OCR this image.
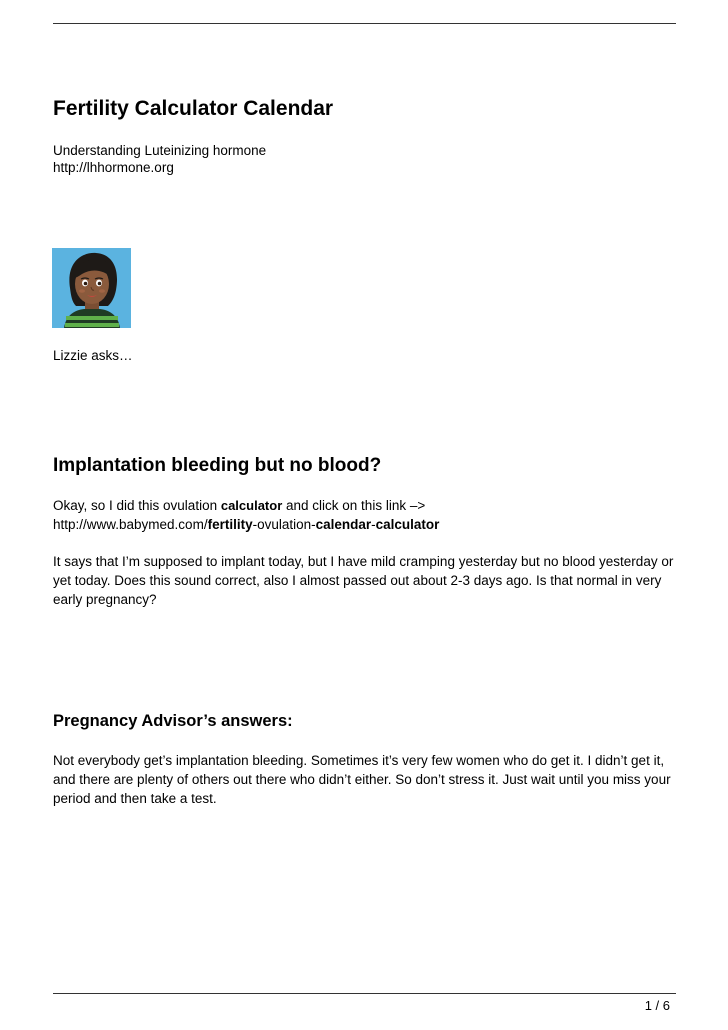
Fertility Calculator Calendar
Understanding Luteinizing hormone
http://lhhormone.org
Lizzie asks…
Implantation bleeding but no blood?
Okay, so I did this ovulation calculator and click on this link –>
http://www.babymed.com/fertility-ovulation-calendar-calculator
It says that I’m supposed to implant today, but I have mild cramping yesterday but no blood yesterday or yet today. Does this sound correct, also I almost passed out about 2-3 days ago. Is that normal in very early pregnancy?
Pregnancy Advisor’s answers:
Not everybody get’s implantation bleeding. Sometimes it’s very few women who do get it. I didn’t get it, and there are plenty of others out there who didn’t either. So don’t stress it. Just wait until you miss your period and then take a test.
1 / 6
